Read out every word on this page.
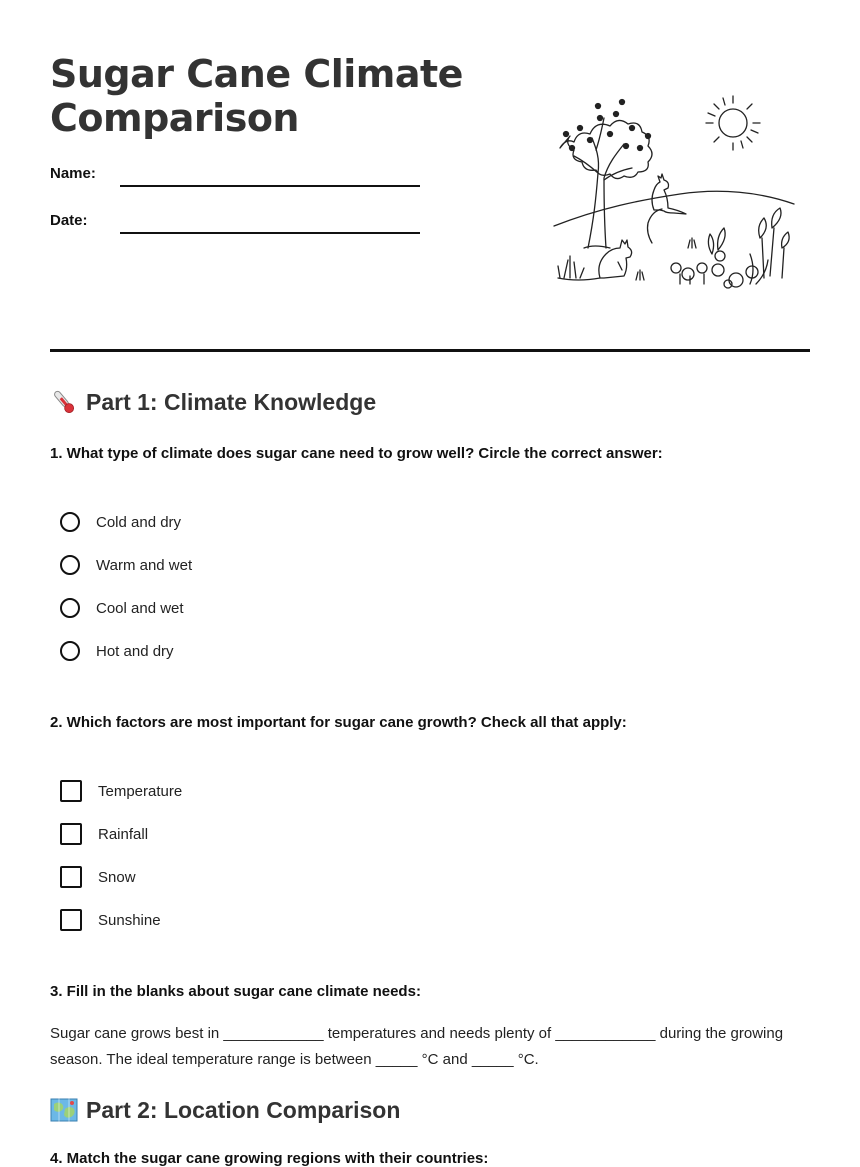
Sugar Cane Climate Comparison
Name:
Date:
Part 1: Climate Knowledge

1. What type of climate does sugar cane need to grow well? Circle the correct answer:

Cold and dry
Warm and wet
Cool and wet
Hot and dry

2. Which factors are most important for sugar cane growth? Check all that apply:

Temperature
Rainfall
Snow
Sunshine

3. Fill in the blanks about sugar cane climate needs:

Sugar cane grows best in ____________ temperatures and needs plenty of ____________ during the growing season. The ideal temperature range is between _____ °C and _____ °C.

Part 2: Location Comparison

4. Match the sugar cane growing regions with their countries:
